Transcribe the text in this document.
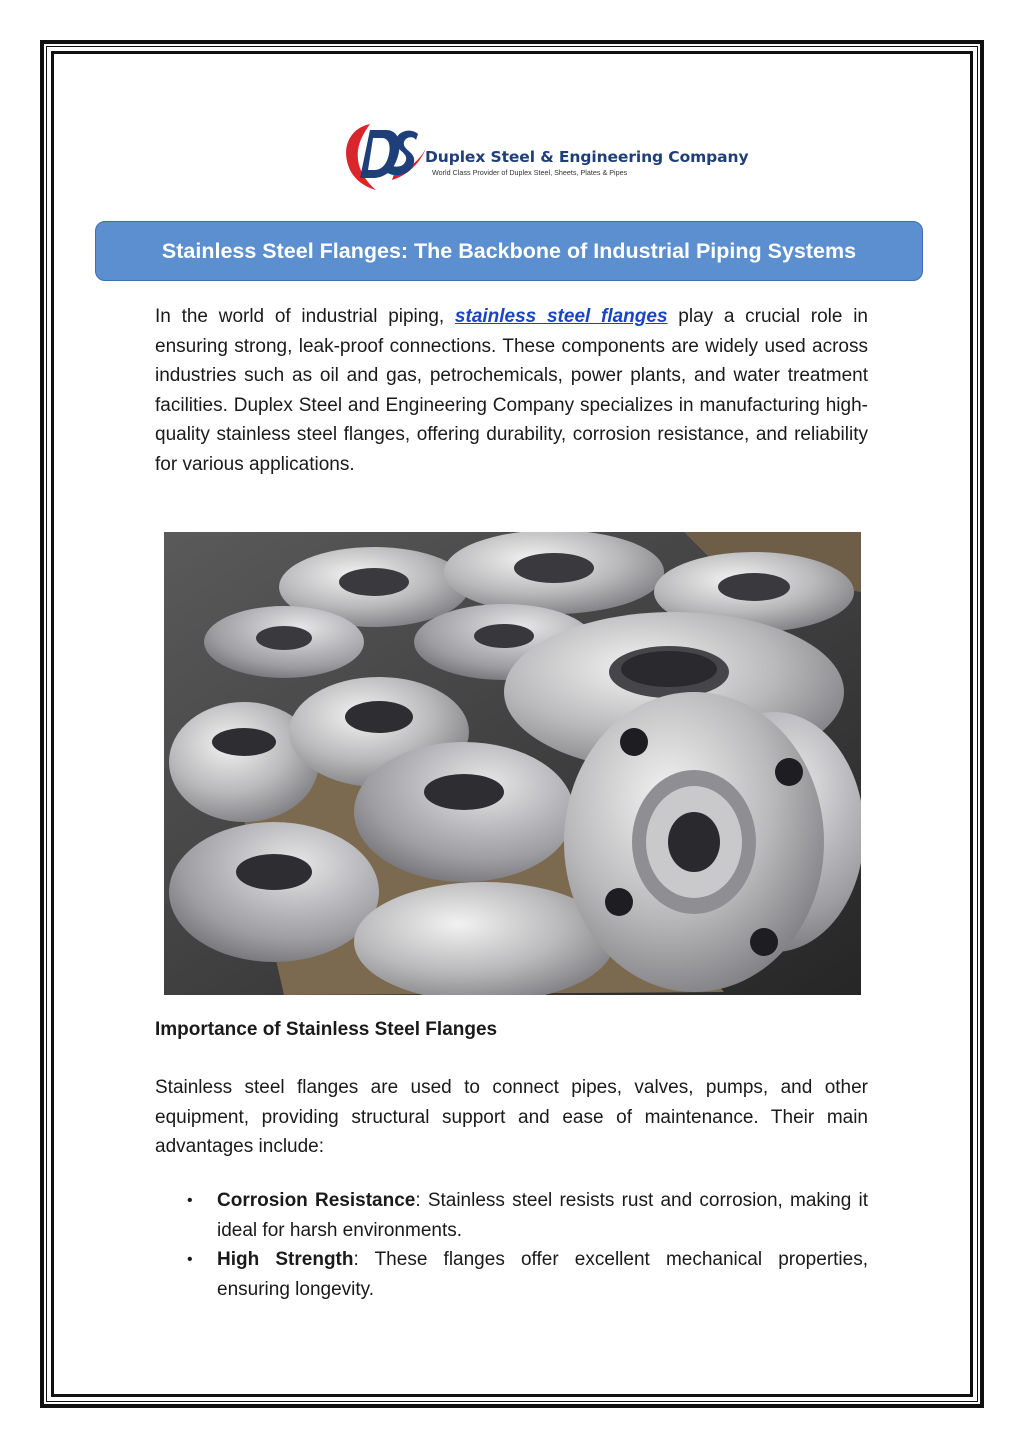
Duplex Steel & Engineering Company
World Class Provider of Duplex Steel, Sheets, Plates & Pipes
Stainless Steel Flanges: The Backbone of Industrial Piping Systems

In the world of industrial piping, stainless steel flanges play a crucial role in ensuring strong, leak-proof connections. These components are widely used across industries such as oil and gas, petrochemicals, power plants, and water treatment facilities. Duplex Steel and Engineering Company specializes in manufacturing high-quality stainless steel flanges, offering durability, corrosion resistance, and reliability for various applications.

Importance of Stainless Steel Flanges

Stainless steel flanges are used to connect pipes, valves, pumps, and other equipment, providing structural support and ease of maintenance. Their main advantages include:

• Corrosion Resistance: Stainless steel resists rust and corrosion, making it ideal for harsh environments.
• High Strength: These flanges offer excellent mechanical properties, ensuring longevity.
